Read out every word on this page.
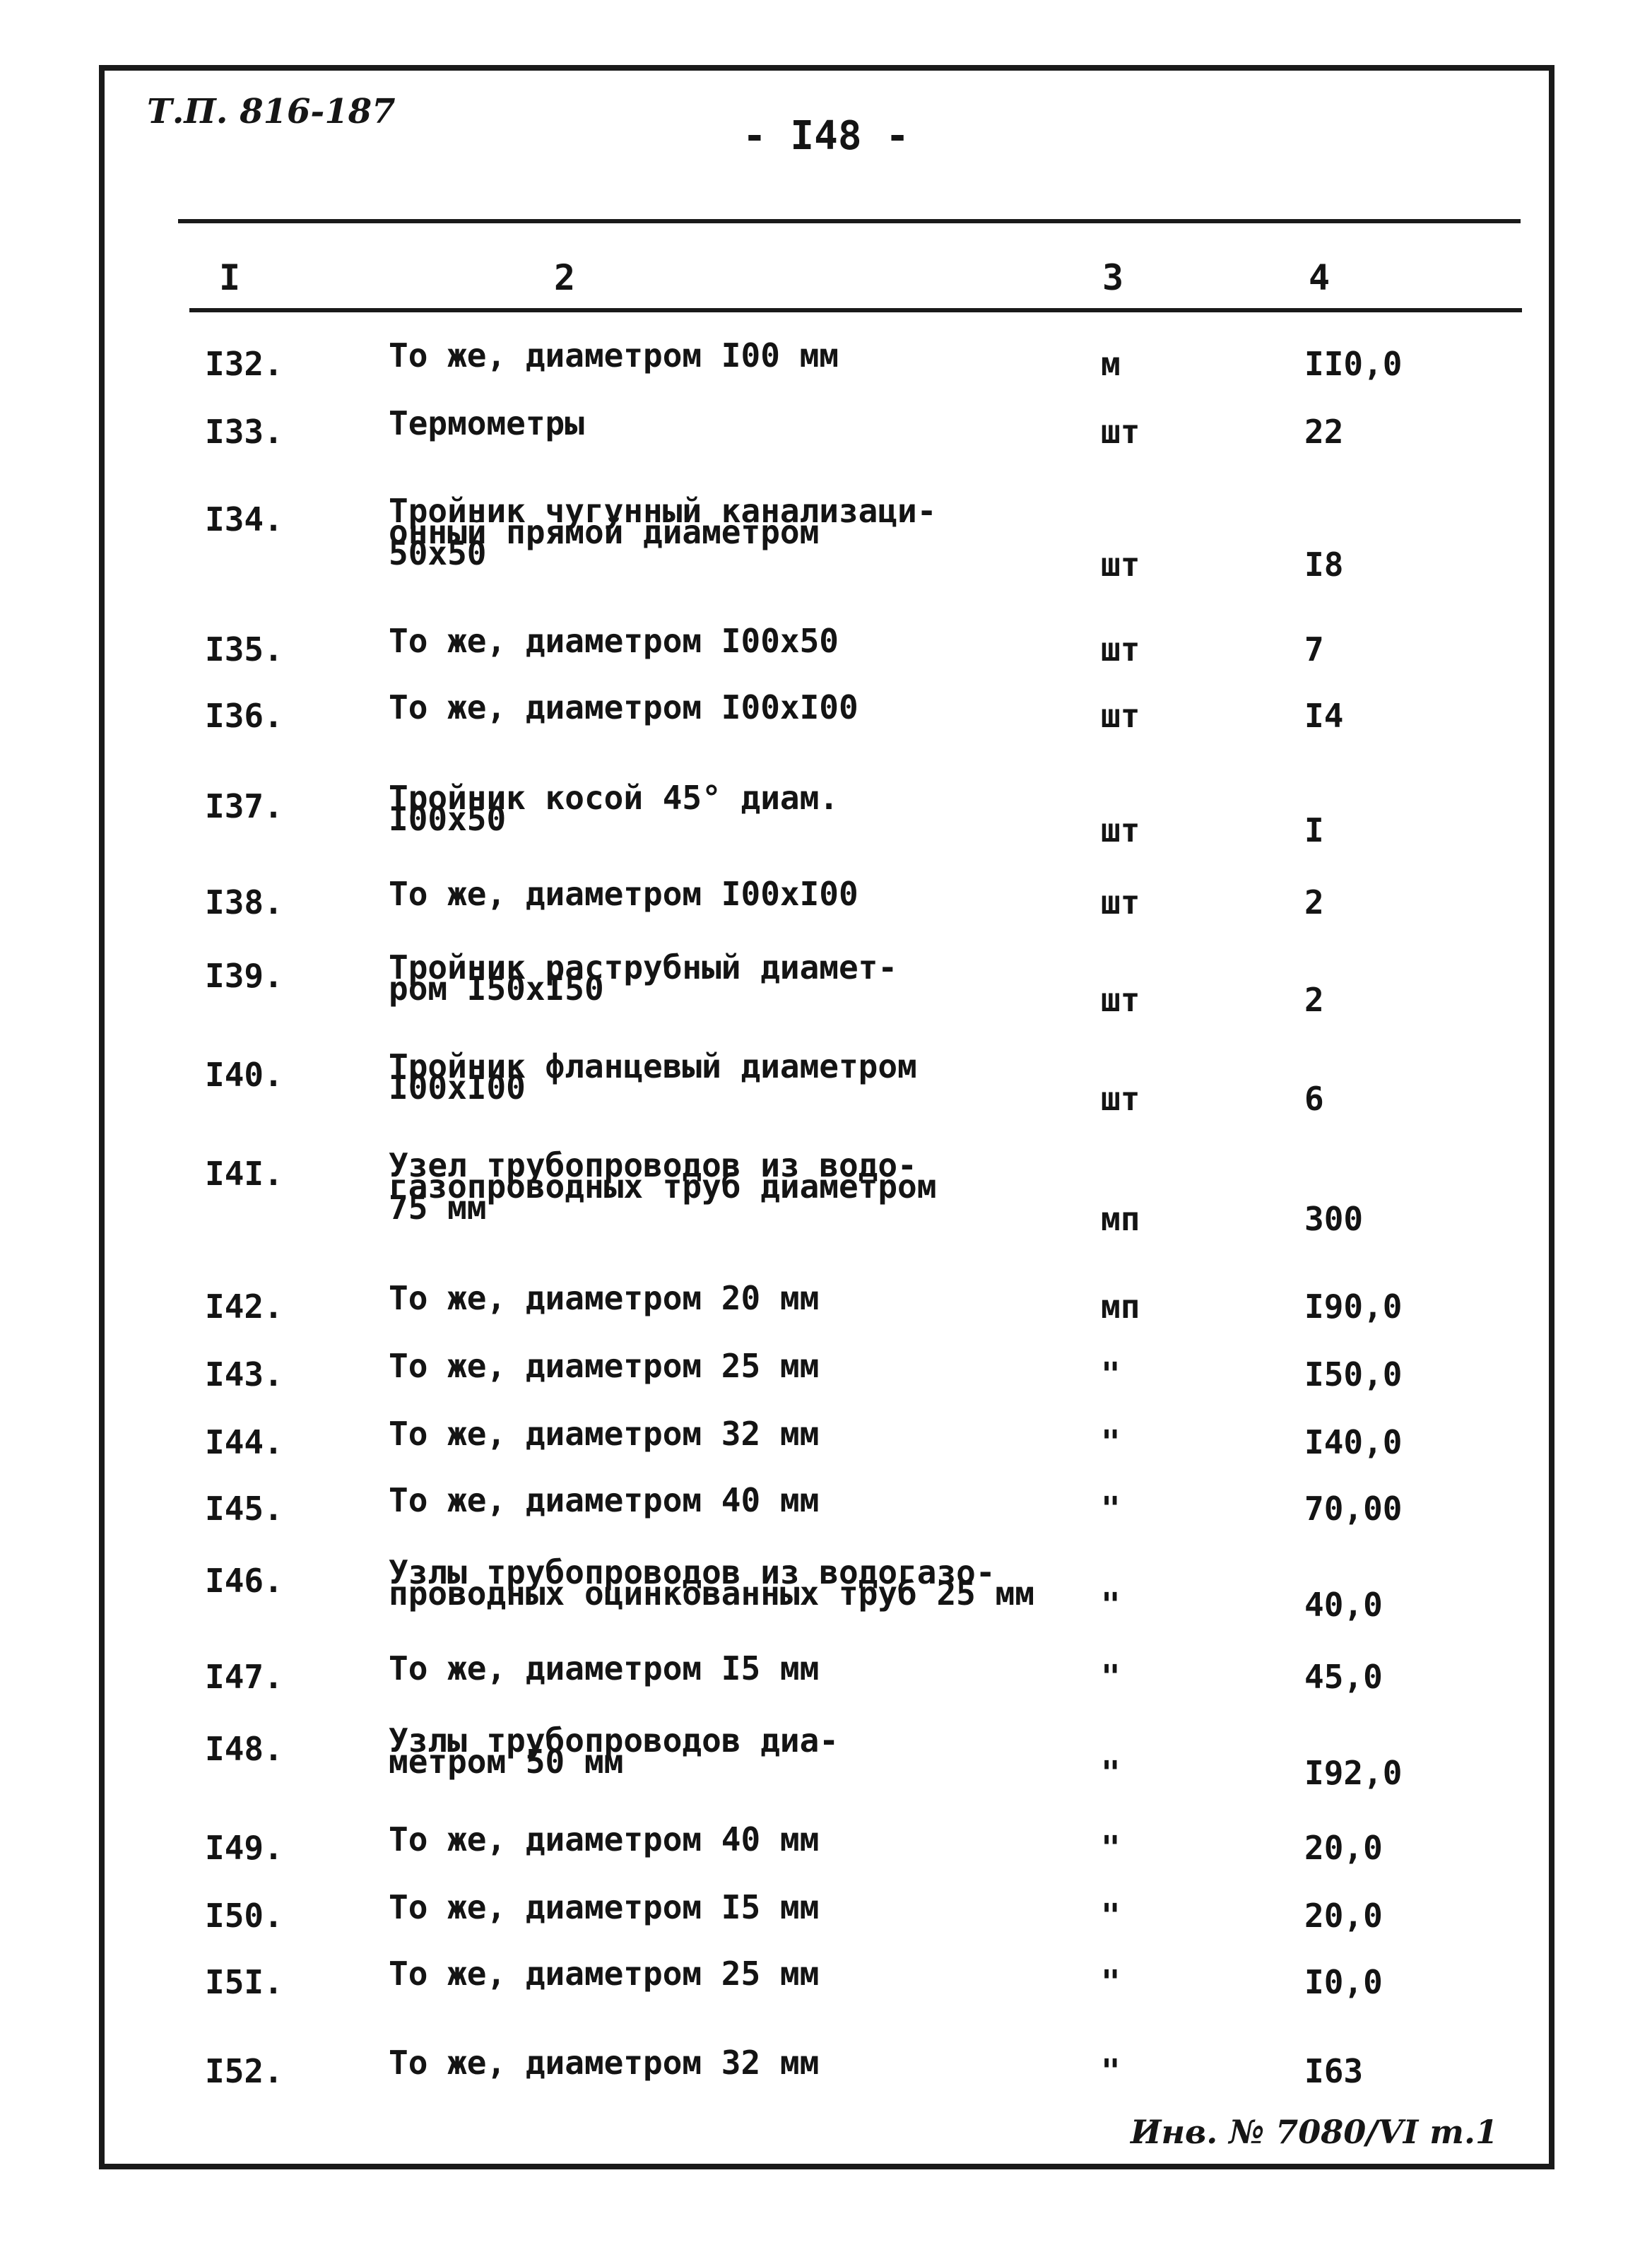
Т.П. 816-187
- I48 -
I	2	3	4
I32.	То же, диаметром I00 мм	м	II0,0
I33.	Термометры	шт	22
I34.	Тройник чугунный канализаци-
онный прямой диаметром
50х50	шт	I8
I35.	То же, диаметром I00х50	шт	7
I36.	То же, диаметром I00хI00	шт	I4
I37.	Тройник косой 45° диам.
I00х50	шт	I
I38.	То же, диаметром I00хI00	шт	2
I39.	Тройник раструбный диамет-
ром I50хI50	шт	2
I40.	Тройник фланцевый диаметром
I00хI00	шт	6
I4I.	Узел трубопроводов из водо-
газопроводных труб диаметром
75 мм	мп	300
I42.	То же, диаметром 20 мм	мп	I90,0
I43.	То же, диаметром 25 мм	"	I50,0
I44.	То же, диаметром 32 мм	"	I40,0
I45.	То же, диаметром 40 мм	"	70,00
I46.	Узлы трубопроводов из водогазо-
проводных оцинкованных труб 25 мм	"	40,0
I47.	То же, диаметром I5 мм	"	45,0
I48.	Узлы трубопроводов диа-
метром 50 мм	"	I92,0
I49.	То же, диаметром 40 мм	"	20,0
I50.	То же, диаметром I5 мм	"	20,0
I5I.	То же, диаметром 25 мм	"	I0,0
I52.	То же, диаметром 32 мм	"	I63
Инв. № 7080/VI т.1
